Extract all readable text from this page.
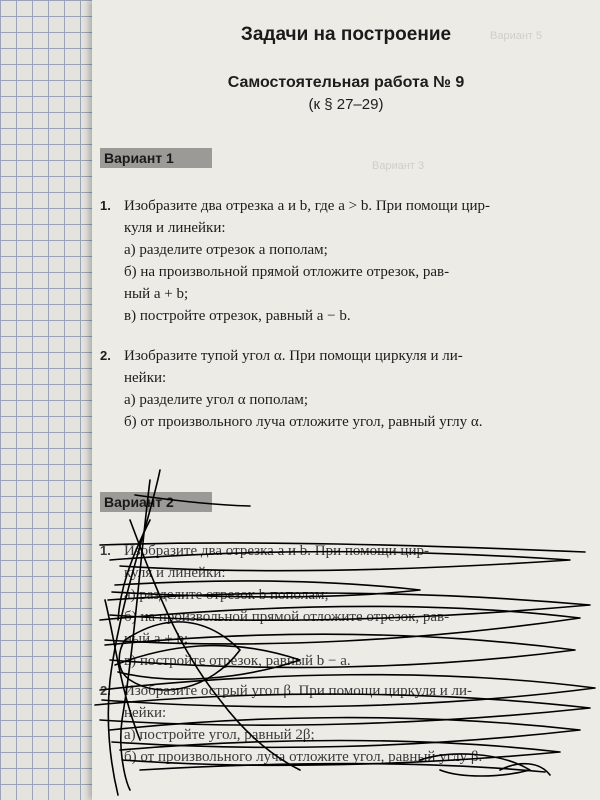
Вариант 5
Вариант 3
Задачи на построение
Самостоятельная работа № 9
(к § 27–29)
Вариант 1
1. Изобразите два отрезка a и b, где a > b. При помощи цир-
куля и линейки:
а) разделите отрезок a пополам;
б) на произвольной прямой отложите отрезок, рав-
ный a + b;
в) постройте отрезок, равный a − b.
2. Изобразите тупой угол α. При помощи циркуля и ли-
нейки:
а) разделите угол α пополам;
б) от произвольного луча отложите угол, равный углу α.
Вариант 2
1. Изобразите два отрезка a и b. При помощи цир-
куля и линейки:
а) разделите отрезок b пополам;
б) на произвольной прямой отложите отрезок, рав-
ный a + b;
в) постройте отрезок, равный b − a.
2. Изобразите острый угол β. При помощи циркуля и ли-
нейки:
а) постройте угол, равный 2β;
б) от произвольного луча отложите угол, равный углу β.
